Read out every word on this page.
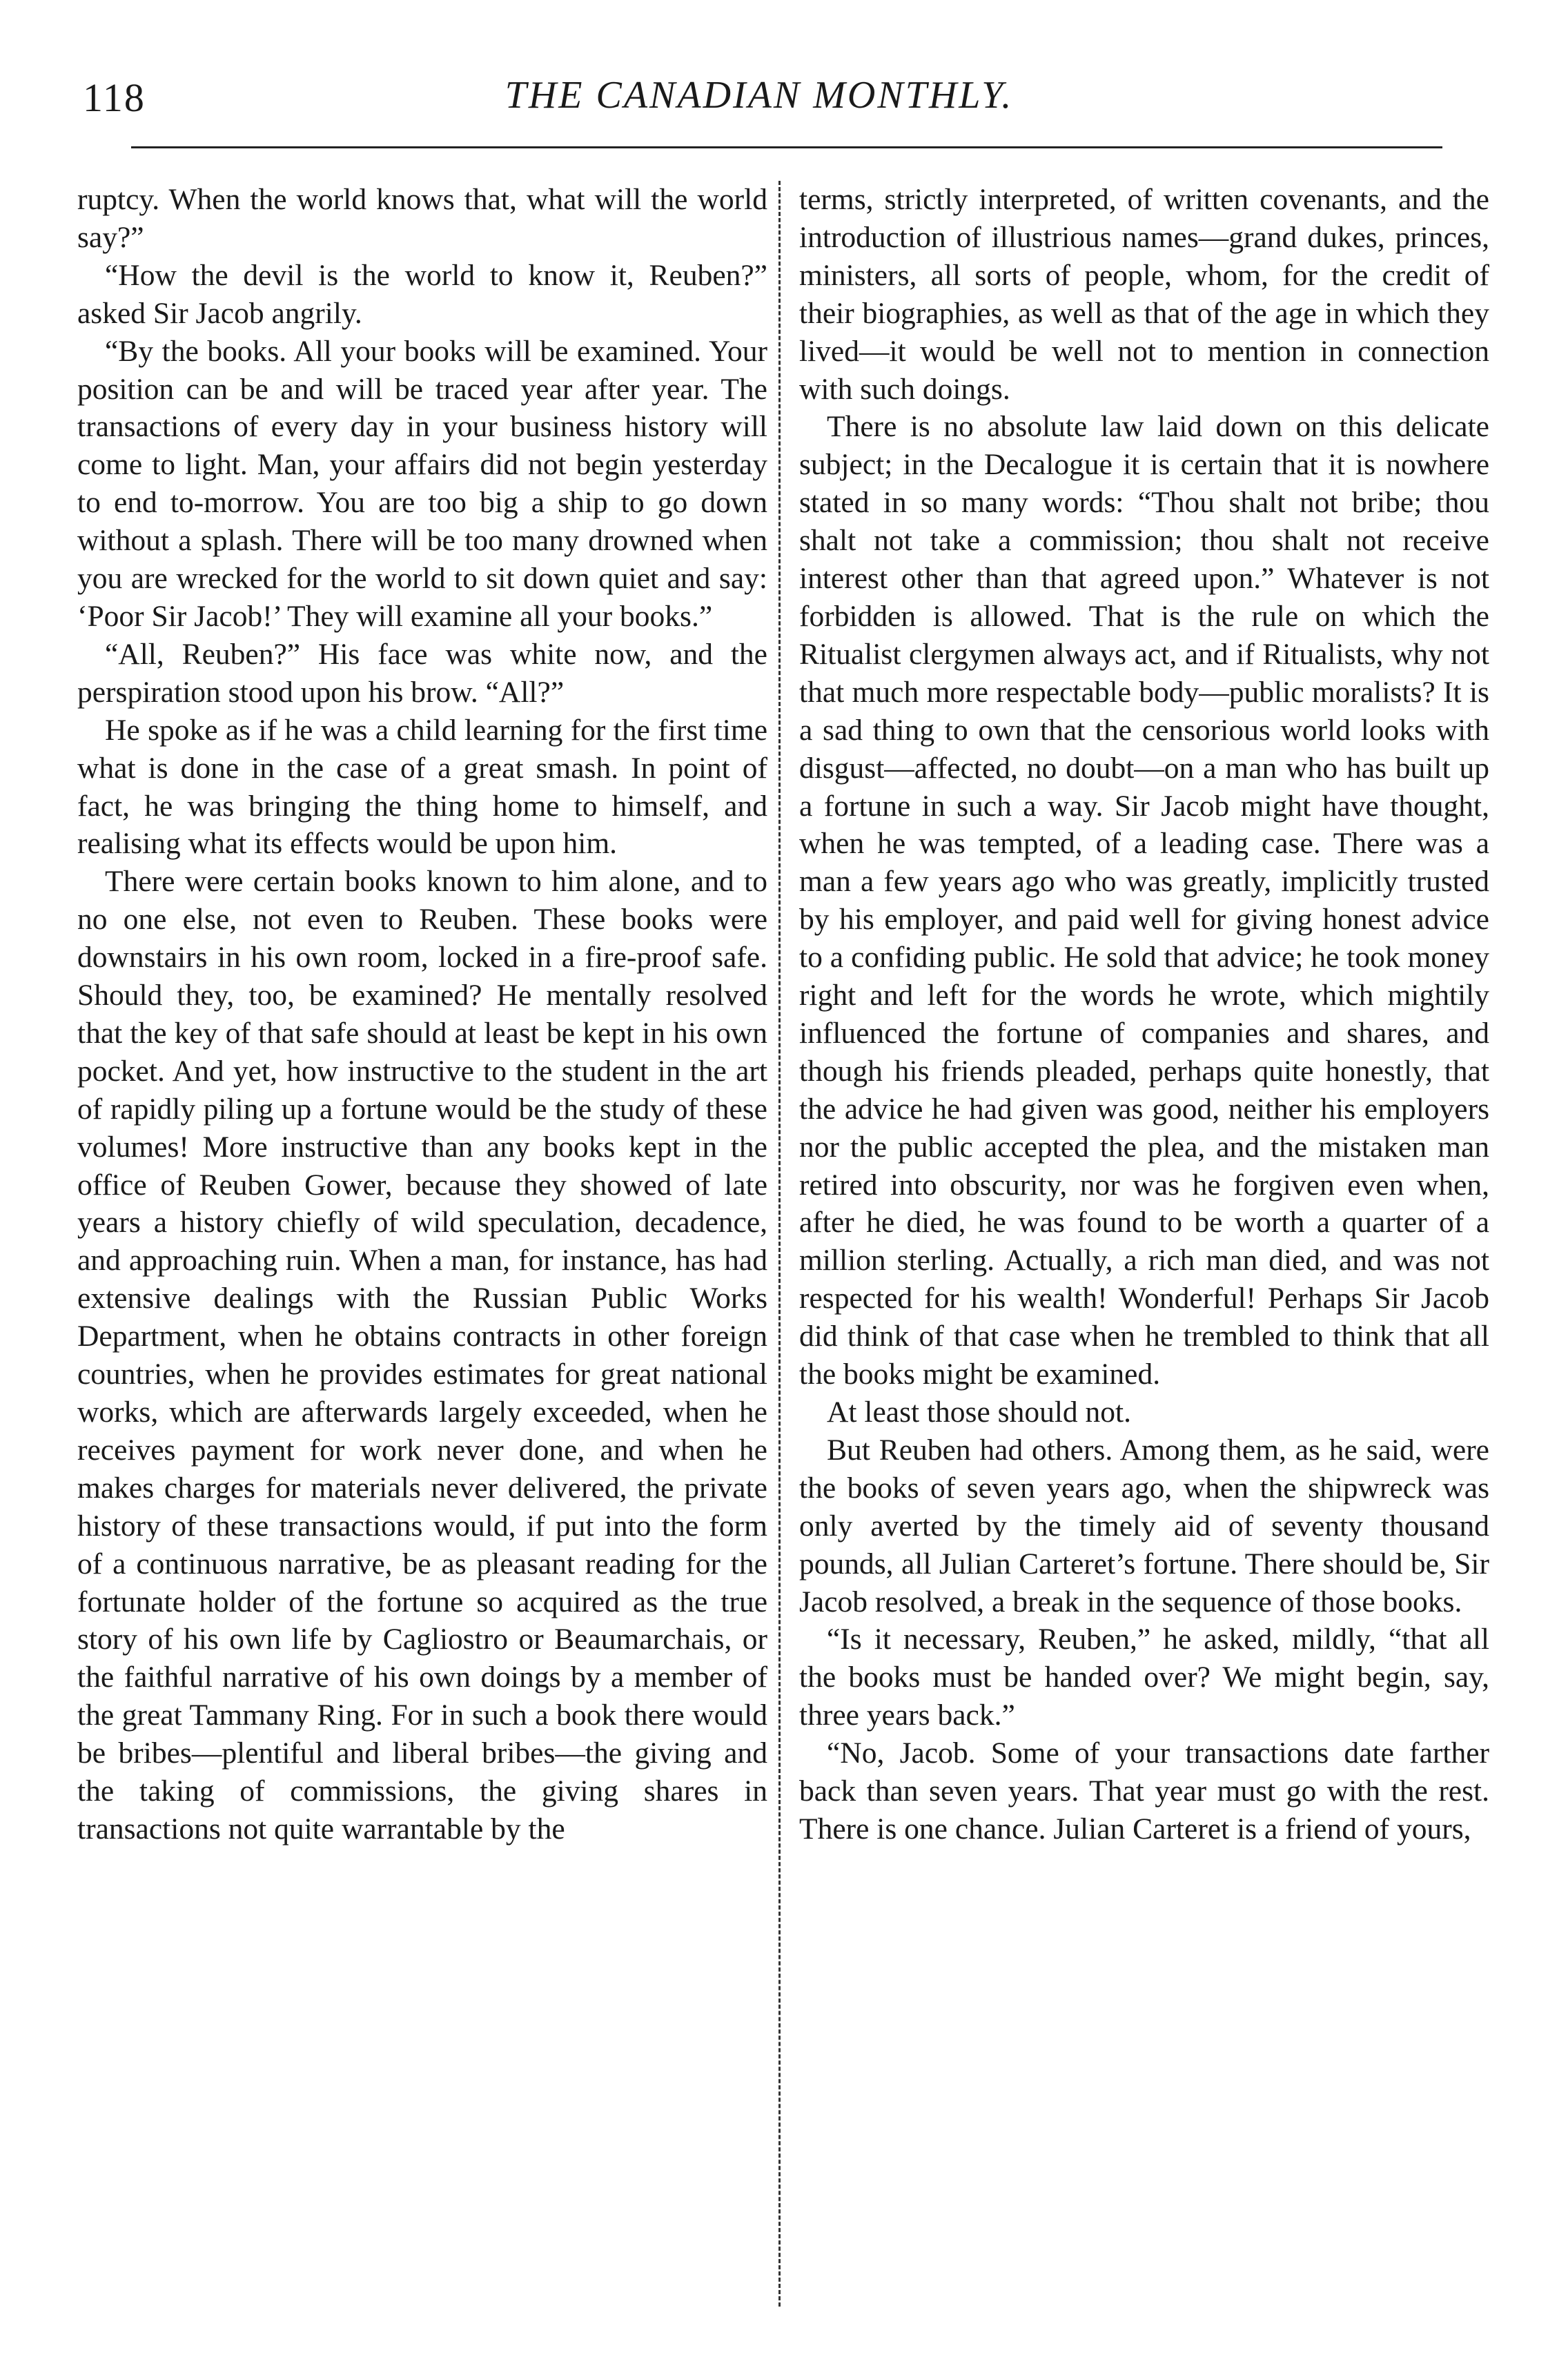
118	THE CANADIAN MONTHLY.

ruptcy. When the world knows that, what will the world say?”

“How the devil is the world to know it, Reuben?” asked Sir Jacob angrily.

“By the books. All your books will be examined. Your position can be and will be traced year after year. The transactions of every day in your business history will come to light. Man, your affairs did not begin yesterday to end to-morrow. You are too big a ship to go down without a splash. There will be too many drowned when you are wrecked for the world to sit down quiet and say: ‘Poor Sir Jacob!’ They will examine all your books.”

“All, Reuben?” His face was white now, and the perspiration stood upon his brow. “All?”

He spoke as if he was a child learning for the first time what is done in the case of a great smash. In point of fact, he was bringing the thing home to himself, and realising what its effects would be upon him.

There were certain books known to him alone, and to no one else, not even to Reuben. These books were downstairs in his own room, locked in a fire-proof safe. Should they, too, be examined? He mentally resolved that the key of that safe should at least be kept in his own pocket. And yet, how instructive to the student in the art of rapidly piling up a fortune would be the study of these volumes! More instructive than any books kept in the office of Reuben Gower, because they showed of late years a history chiefly of wild speculation, decadence, and approaching ruin. When a man, for instance, has had extensive dealings with the Russian Public Works Department, when he obtains contracts in other foreign countries, when he provides estimates for great national works, which are afterwards largely exceeded, when he receives payment for work never done, and when he makes charges for materials never delivered, the private history of these transactions would, if put into the form of a continuous narrative, be as pleasant reading for the fortunate holder of the fortune so acquired as the true story of his own life by Cagliostro or Beaumarchais, or the faithful narrative of his own doings by a member of the great Tammany Ring. For in such a book there would be bribes—plentiful and liberal bribes—the giving and the taking of commissions, the giving shares in transactions not quite warrantable by the

terms, strictly interpreted, of written covenants, and the introduction of illustrious names—grand dukes, princes, ministers, all sorts of people, whom, for the credit of their biographies, as well as that of the age in which they lived—it would be well not to mention in connection with such doings.

There is no absolute law laid down on this delicate subject; in the Decalogue it is certain that it is nowhere stated in so many words: “Thou shalt not bribe; thou shalt not take a commission; thou shalt not receive interest other than that agreed upon.” Whatever is not forbidden is allowed. That is the rule on which the Ritualist clergymen always act, and if Ritualists, why not that much more respectable body—public moralists? It is a sad thing to own that the censorious world looks with disgust—affected, no doubt—on a man who has built up a fortune in such a way. Sir Jacob might have thought, when he was tempted, of a leading case. There was a man a few years ago who was greatly, implicitly trusted by his employer, and paid well for giving honest advice to a confiding public. He sold that advice; he took money right and left for the words he wrote, which mightily influenced the fortune of companies and shares, and though his friends pleaded, perhaps quite honestly, that the advice he had given was good, neither his employers nor the public accepted the plea, and the mistaken man retired into obscurity, nor was he forgiven even when, after he died, he was found to be worth a quarter of a million sterling. Actually, a rich man died, and was not respected for his wealth! Wonderful! Perhaps Sir Jacob did think of that case when he trembled to think that all the books might be examined.

At least those should not.

But Reuben had others. Among them, as he said, were the books of seven years ago, when the shipwreck was only averted by the timely aid of seventy thousand pounds, all Julian Carteret’s fortune. There should be, Sir Jacob resolved, a break in the sequence of those books.

“Is it necessary, Reuben,” he asked, mildly, “that all the books must be handed over? We might begin, say, three years back.”

“No, Jacob. Some of your transactions date farther back than seven years. That year must go with the rest. There is one chance. Julian Carteret is a friend of yours,
